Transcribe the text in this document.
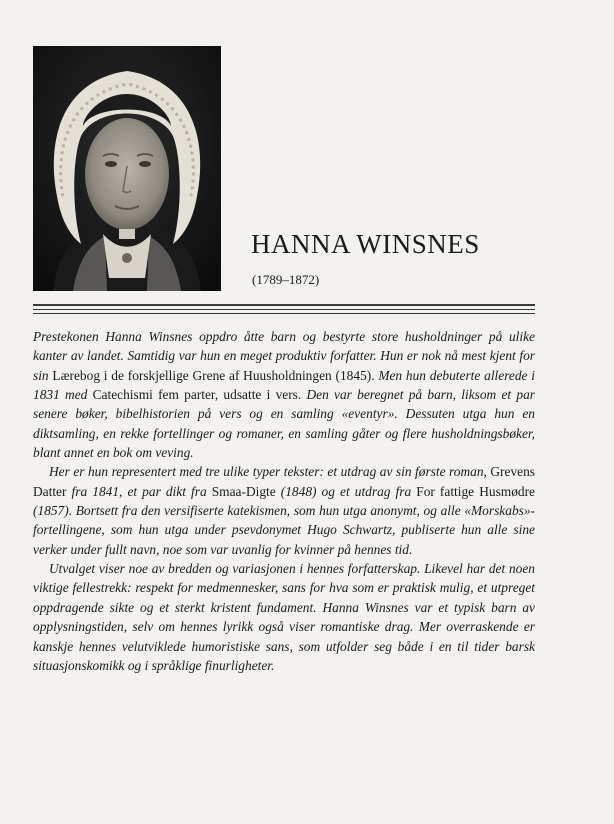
HANNA WINSNES
(1789–1872)

Prestekonen Hanna Winsnes oppdro åtte barn og bestyrte store husholdninger på ulike kanter av landet. Samtidig var hun en meget produktiv forfatter. Hun er nok nå mest kjent for sin Lærebog i de forskjellige Grene af Huusholdningen (1845). Men hun debuterte allerede i 1831 med Catechismi fem parter, udsatte i vers. Den var beregnet på barn, liksom et par senere bøker, bibelhistorien på vers og en samling «eventyr». Dessuten utga hun en diktsamling, en rekke fortellinger og romaner, en samling gåter og flere husholdningsbøker, blant annet en bok om veving.

Her er hun representert med tre ulike typer tekster: et utdrag av sin første roman, Grevens Datter fra 1841, et par dikt fra Smaa-Digte (1848) og et utdrag fra For fattige Husmødre (1857). Bortsett fra den versifiserte katekismen, som hun utga anonymt, og alle «Morskabs»-fortellingene, som hun utga under psevdonymet Hugo Schwartz, publiserte hun alle sine verker under fullt navn, noe som var uvanlig for kvinner på hennes tid.

Utvalget viser noe av bredden og variasjonen i hennes forfatterskap. Likevel har det noen viktige fellestrekk: respekt for medmennesker, sans for hva som er praktisk mulig, et utpreget oppdragende sikte og et sterkt kristent fundament. Hanna Winsnes var et typisk barn av opplysningstiden, selv om hennes lyrikk også viser romantiske drag. Mer overraskende er kanskje hennes velutviklede humoristiske sans, som utfolder seg både i en til tider barsk situasjonskomikk og i språklige finurligheter.
